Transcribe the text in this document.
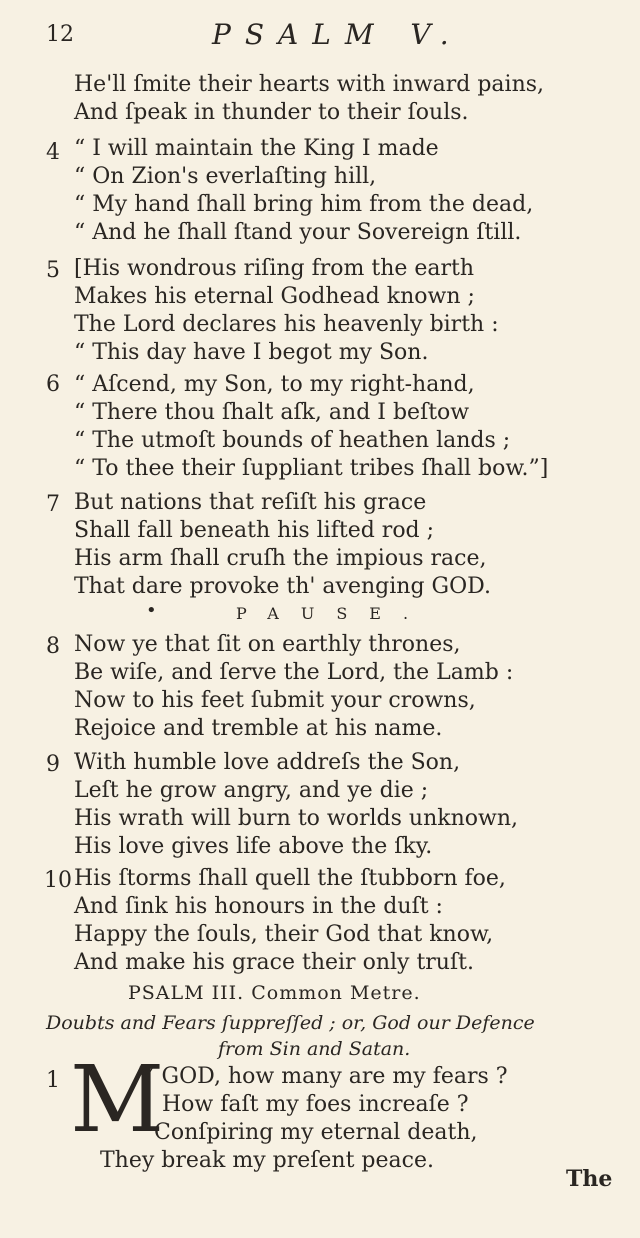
12	PSALM V.
He'll ſmite their hearts with inward pains,
And ſpeak in thunder to their ſouls.
4 “ I will maintain the King I made
“ On Zion's everlaſting hill,
“ My hand ſhall bring him from the dead,
“ And he ſhall ſtand your Sovereign ſtill.
5 [His wondrous riſing from the earth
Makes his eternal Godhead known ;
The Lord declares his heavenly birth :
“ This day have I begot my Son.
6 “ Aſcend, my Son, to my right-hand,
“ There thou ſhalt aſk, and I beſtow
“ The utmoſt bounds of heathen lands ;
“ To thee their ſuppliant tribes ſhall bow.”]
7 But nations that reſiſt his grace
Shall fall beneath his lifted rod ;
His arm ſhall cruſh the impious race,
That dare provoke th' avenging GOD.
•	PAUSE.
8 Now ye that ſit on earthly thrones,
Be wiſe, and ſerve the Lord, the Lamb :
Now to his feet ſubmit your crowns,
Rejoice and tremble at his name.
9 With humble love addreſs the Son,
Leſt he grow angry, and ye die ;
His wrath will burn to worlds unknown,
His love gives life above the ſky.
10 His ſtorms ſhall quell the ſtubborn foe,
And ſink his honours in the duſt :
Happy the ſouls, their God that know,
And make his grace their only truſt.
PSALM III. Common Metre.
Doubts and Fears ſuppreſſed ; or, God our Defence
from Sin and Satan.
1 M
Y GOD, how many are my fears ?
How faſt my foes increaſe ?
Conſpiring my eternal death,
They break my preſent peace.
The
